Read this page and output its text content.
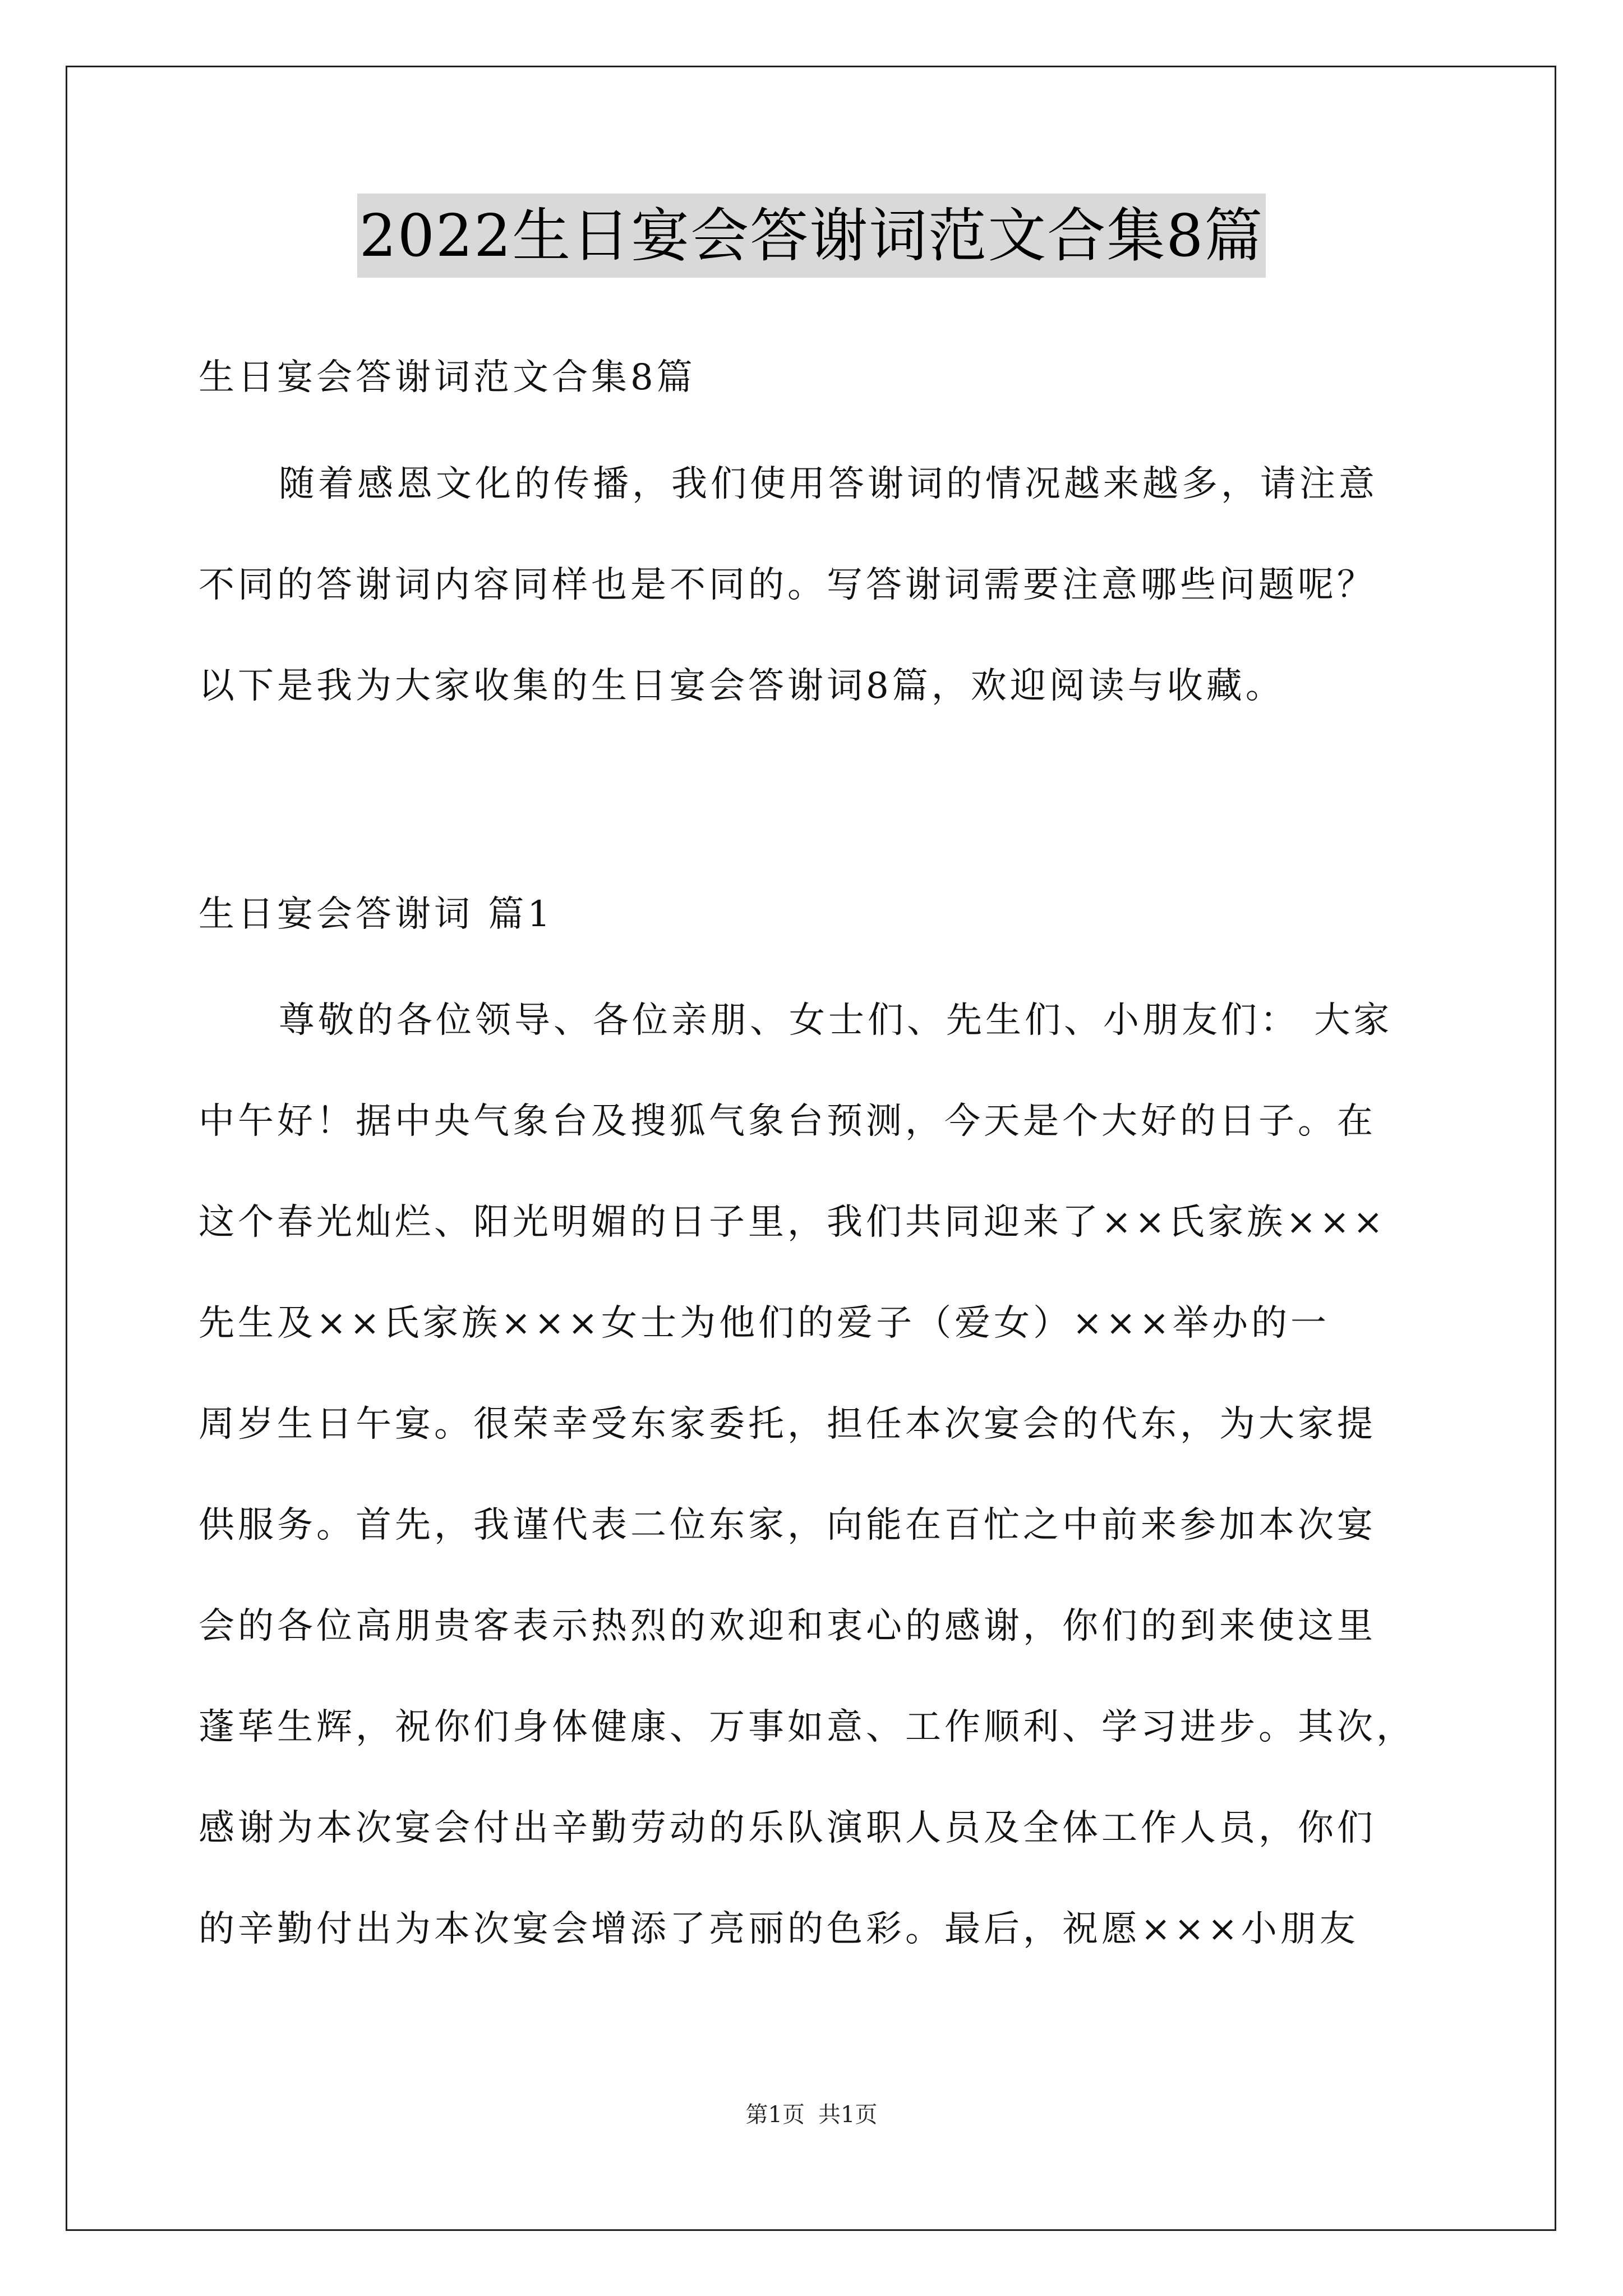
2022生日宴会答谢词范文合集8篇
生日宴会答谢词范文合集8篇
随着感恩文化的传播，我们使用答谢词的情况越来越多，请注意
不同的答谢词内容同样也是不同的。写答谢词需要注意哪些问题呢？
以下是我为大家收集的生日宴会答谢词8篇，欢迎阅读与收藏。
生日宴会答谢词 篇1
尊敬的各位领导、各位亲朋、女士们、先生们、小朋友们： 大家
中午好！据中央气象台及搜狐气象台预测，今天是个大好的日子。在
这个春光灿烂、阳光明媚的日子里，我们共同迎来了××氏家族×××
先生及××氏家族×××女士为他们的爱子（爱女）×××举办的一
周岁生日午宴。很荣幸受东家委托，担任本次宴会的代东，为大家提
供服务。首先，我谨代表二位东家，向能在百忙之中前来参加本次宴
会的各位高朋贵客表示热烈的欢迎和衷心的感谢，你们的到来使这里
蓬荜生辉，祝你们身体健康、万事如意、工作顺利、学习进步。其次，
感谢为本次宴会付出辛勤劳动的乐队演职人员及全体工作人员，你们
的辛勤付出为本次宴会增添了亮丽的色彩。最后，祝愿×××小朋友
第1页 共1页
